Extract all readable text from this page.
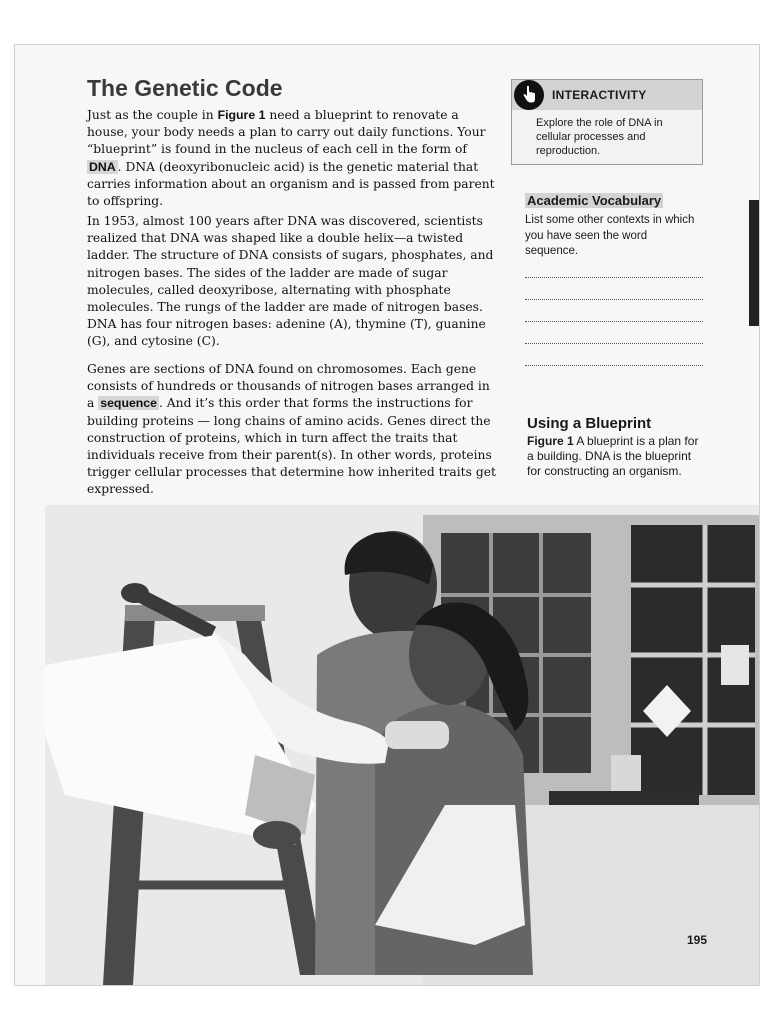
The Genetic Code

Just as the couple in Figure 1 need a blueprint to renovate a house, your body needs a plan to carry out daily functions. Your “blueprint” is found in the nucleus of each cell in the form of DNA . DNA (deoxyribonucleic acid) is the genetic material that carries information about an organism and is passed from parent to offspring.

In 1953, almost 100 years after DNA was discovered, scientists realized that DNA was shaped like a double helix—a twisted ladder. The structure of DNA consists of sugars, phosphates, and nitrogen bases. The sides of the ladder are made of sugar molecules, called deoxyribose, alternating with phosphate molecules. The rungs of the ladder are made of nitrogen bases. DNA has four nitrogen bases: adenine (A), thymine (T), guanine (G), and cytosine (C).

Genes are sections of DNA found on chromosomes. Each gene consists of hundreds or thousands of nitrogen bases arranged in a sequence . And it’s this order that forms the instructions for building proteins — long chains of amino acids. Genes direct the construction of proteins, which in turn affect the traits that individuals receive from their parent(s). In other words, proteins trigger cellular processes that determine how inherited traits get expressed.

INTERACTIVITY
Explore the role of DNA in cellular processes and reproduction.
Academic Vocabulary
List some other contexts in which you have seen the word sequence.
Using a Blueprint
Figure 1 A blueprint is a plan for a building. DNA is the blueprint for constructing an organism.
195
